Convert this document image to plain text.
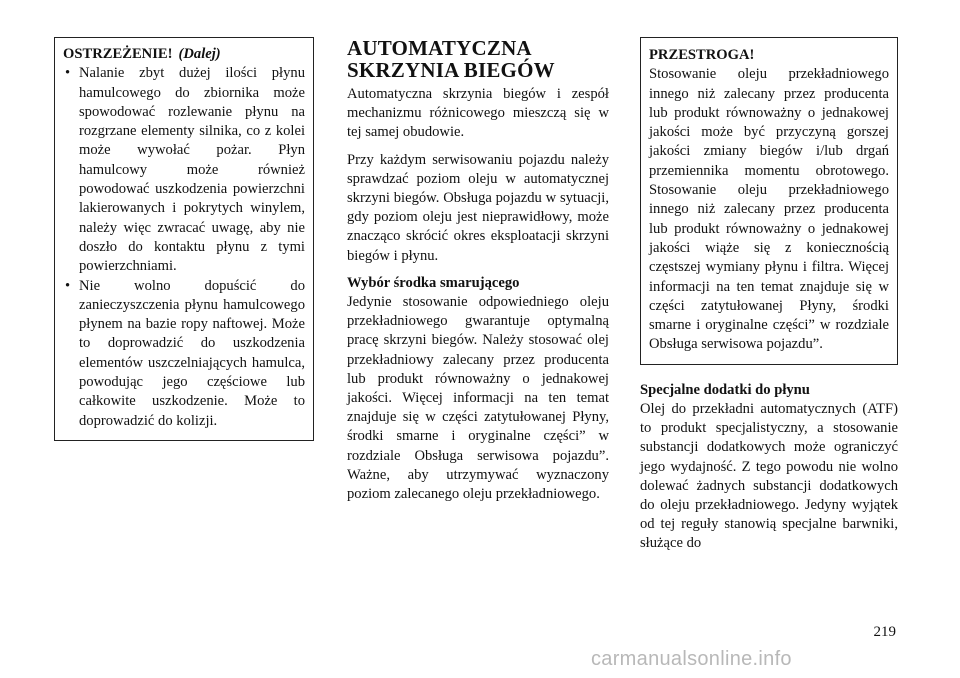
OSTRZEŻENIE! (Dalej)
• Nalanie zbyt dużej ilości płynu hamulcowego do zbiornika może spowodować rozlewanie płynu na rozgrzane elementy silnika, co z kolei może wywołać pożar. Płyn hamulcowy może również powodować uszkodzenia powierzchni lakierowanych i pokrytych winylem, należy więc zwracać uwagę, aby nie doszło do kontaktu płynu z tymi powierzchniami.
• Nie wolno dopuścić do zanieczyszczenia płynu hamulcowego płynem na bazie ropy naftowej. Może to doprowadzić do uszkodzenia elementów uszczelniających hamulca, powodując jego częściowe lub całkowite uszkodzenie. Może to doprowadzić do kolizji.
AUTOMATYCZNA
SKRZYNIA BIEGÓW

Automatyczna skrzynia biegów i zespół mechanizmu różnicowego mieszczą się w tej samej obudowie.

Przy każdym serwisowaniu pojazdu należy sprawdzać poziom oleju w automatycznej skrzyni biegów. Obsługa pojazdu w sytuacji, gdy poziom oleju jest nieprawidłowy, może znacząco skrócić okres eksploatacji skrzyni biegów i płynu.

Wybór środka smarującego

Jedynie stosowanie odpowiedniego oleju przekładniowego gwarantuje optymalną pracę skrzyni biegów. Należy stosować olej przekładniowy zalecany przez producenta lub produkt równoważny o jednakowej jakości. Więcej informacji na ten temat znajduje się w części zatytułowanej Płyny, środki smarne i oryginalne części” w rozdziale Obsługa serwisowa pojazdu”. Ważne, aby utrzymywać wyznaczony poziom zalecanego oleju przekładniowego.

PRZESTROGA!
Stosowanie oleju przekładniowego innego niż zalecany przez producenta lub produkt równoważny o jednakowej jakości może być przyczyną gorszej jakości zmiany biegów i/lub drgań przemiennika momentu obrotowego. Stosowanie oleju przekładniowego innego niż zalecany przez producenta lub produkt równoważny o jednakowej jakości wiąże się z koniecznością częstszej wymiany płynu i filtra. Więcej informacji na ten temat znajduje się w części zatytułowanej Płyny, środki smarne i oryginalne części” w rozdziale Obsługa serwisowa pojazdu”.
Specjalne dodatki do płynu

Olej do przekładni automatycznych (ATF) to produkt specjalistyczny, a stosowanie substancji dodatkowych może ograniczyć jego wydajność. Z tego powodu nie wolno dolewać żadnych substancji dodatkowych do oleju przekładniowego. Jedyny wyjątek od tej reguły stanowią specjalne barwniki, służące do

219
carmanualsonline.info
